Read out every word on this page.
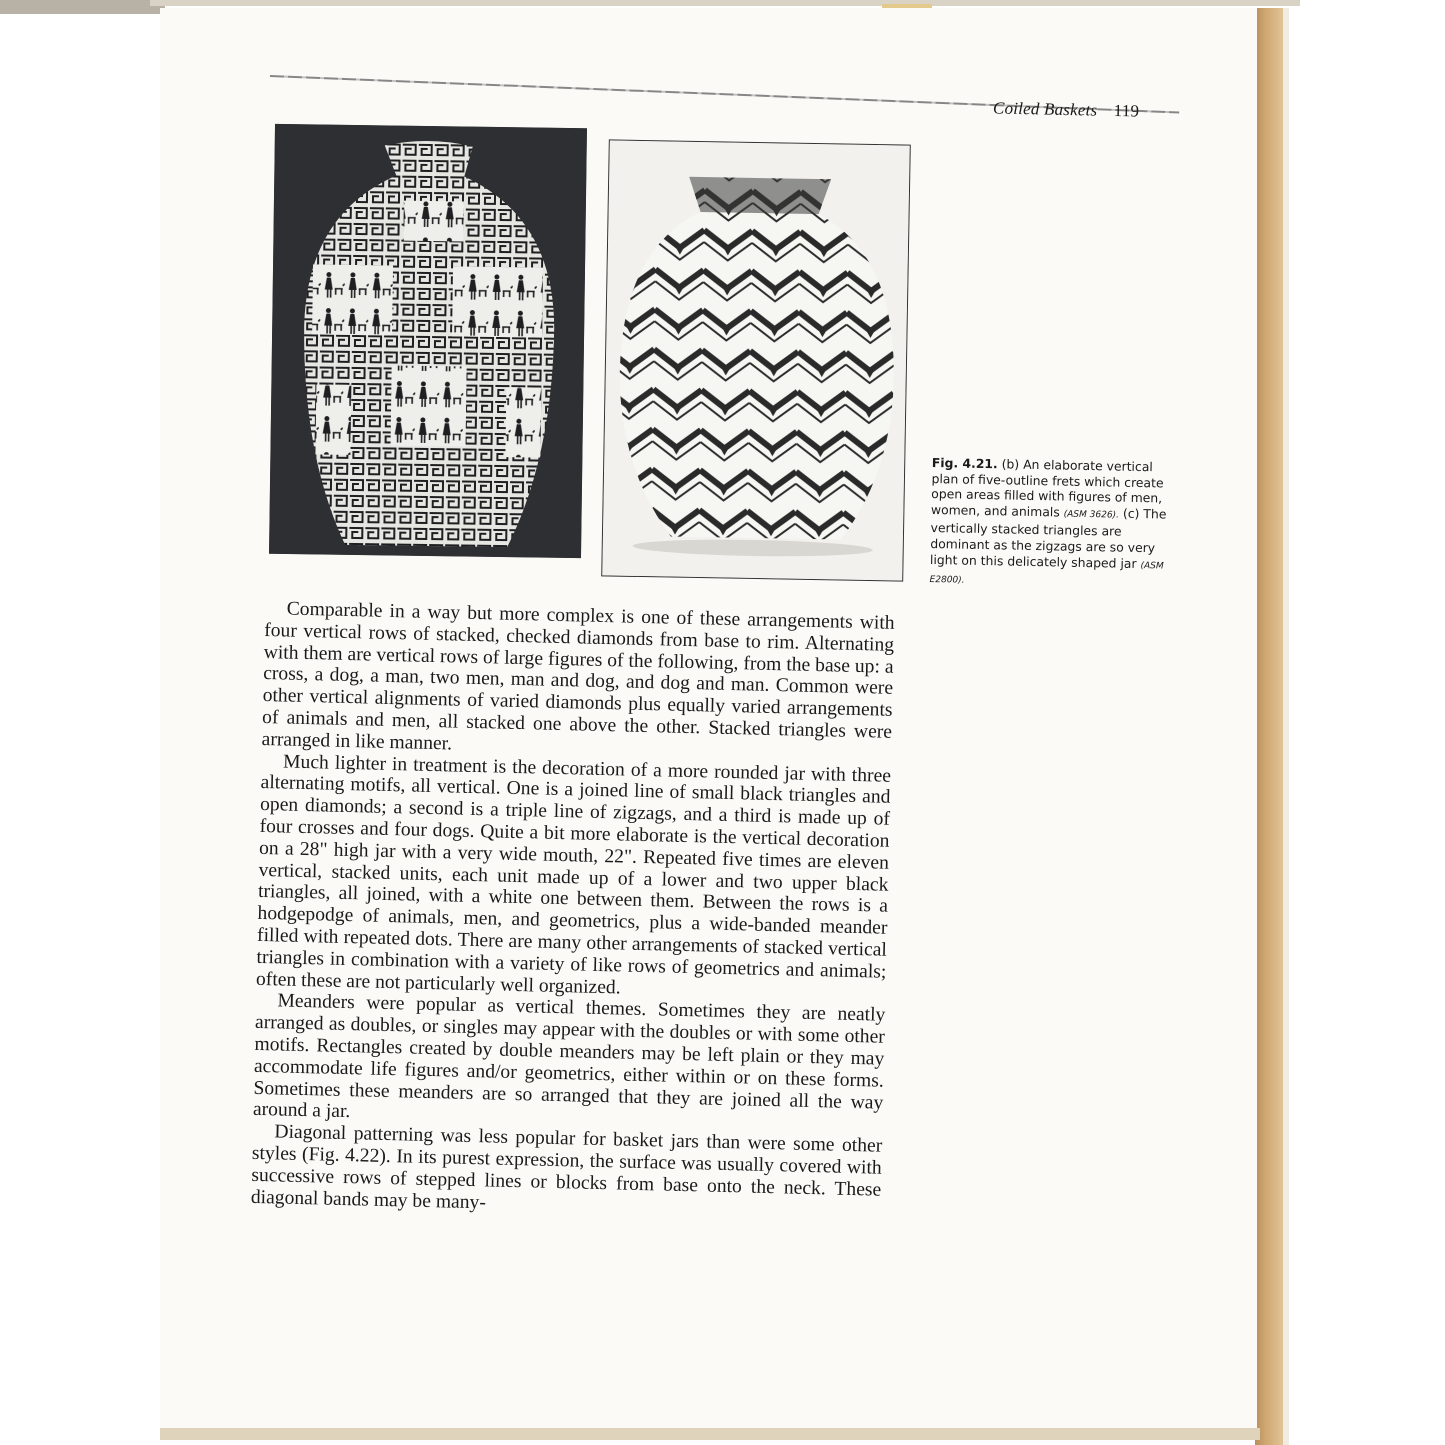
Coiled Baskets 119
Fig. 4.21. (b) An elaborate vertical plan of five-outline frets which create open areas filled with figures of men, women, and animals (ASM 3626). (c) The vertically stacked triangles are dominant as the zigzags are so very light on this delicately shaped jar (ASM E2800).

Comparable in a way but more complex is one of these arrangements with four vertical rows of stacked, checked diamonds from base to rim. Alternating with them are vertical rows of large figures of the following, from the base up: a cross, a dog, a man, two men, man and dog, and dog and man. Common were other vertical alignments of varied diamonds plus equally varied arrangements of animals and men, all stacked one above the other. Stacked triangles were arranged in like manner.

Much lighter in treatment is the decoration of a more rounded jar with three alternating motifs, all vertical. One is a joined line of small black triangles and open diamonds; a second is a triple line of zigzags, and a third is made up of four crosses and four dogs. Quite a bit more elaborate is the vertical decoration on a 28" high jar with a very wide mouth, 22". Repeated five times are eleven vertical, stacked units, each unit made up of a lower and two upper black triangles, all joined, with a white one between them. Between the rows is a hodgepodge of animals, men, and geometrics, plus a wide-banded meander filled with repeated dots. There are many other arrangements of stacked vertical triangles in combination with a variety of like rows of geometrics and animals; often these are not particularly well organized.

Meanders were popular as vertical themes. Sometimes they are neatly arranged as doubles, or singles may appear with the doubles or with some other motifs. Rectangles created by double meanders may be left plain or they may accommodate life figures and/or geometrics, either within or on these forms. Sometimes these meanders are so arranged that they are joined all the way around a jar.

Diagonal patterning was less popular for basket jars than were some other styles (Fig. 4.22). In its purest expression, the surface was usually covered with successive rows of stepped lines or blocks from base onto the neck. These diagonal bands may be many-
